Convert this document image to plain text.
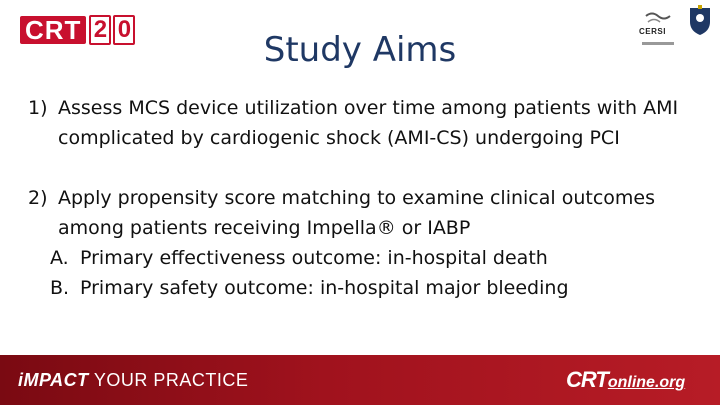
CRT 2 0
Study Aims	CERSI
1) Assess MCS device utilization over time among patients with AMI complicated by cardiogenic shock (AMI-CS) undergoing PCI
2) Apply propensity score matching to examine clinical outcomes among patients receiving Impella® or IABP
A. Primary effectiveness outcome: in-hospital death
B. Primary safety outcome: in-hospital major bleeding
iMPACT YOUR PRACTICE	CRT online.org
